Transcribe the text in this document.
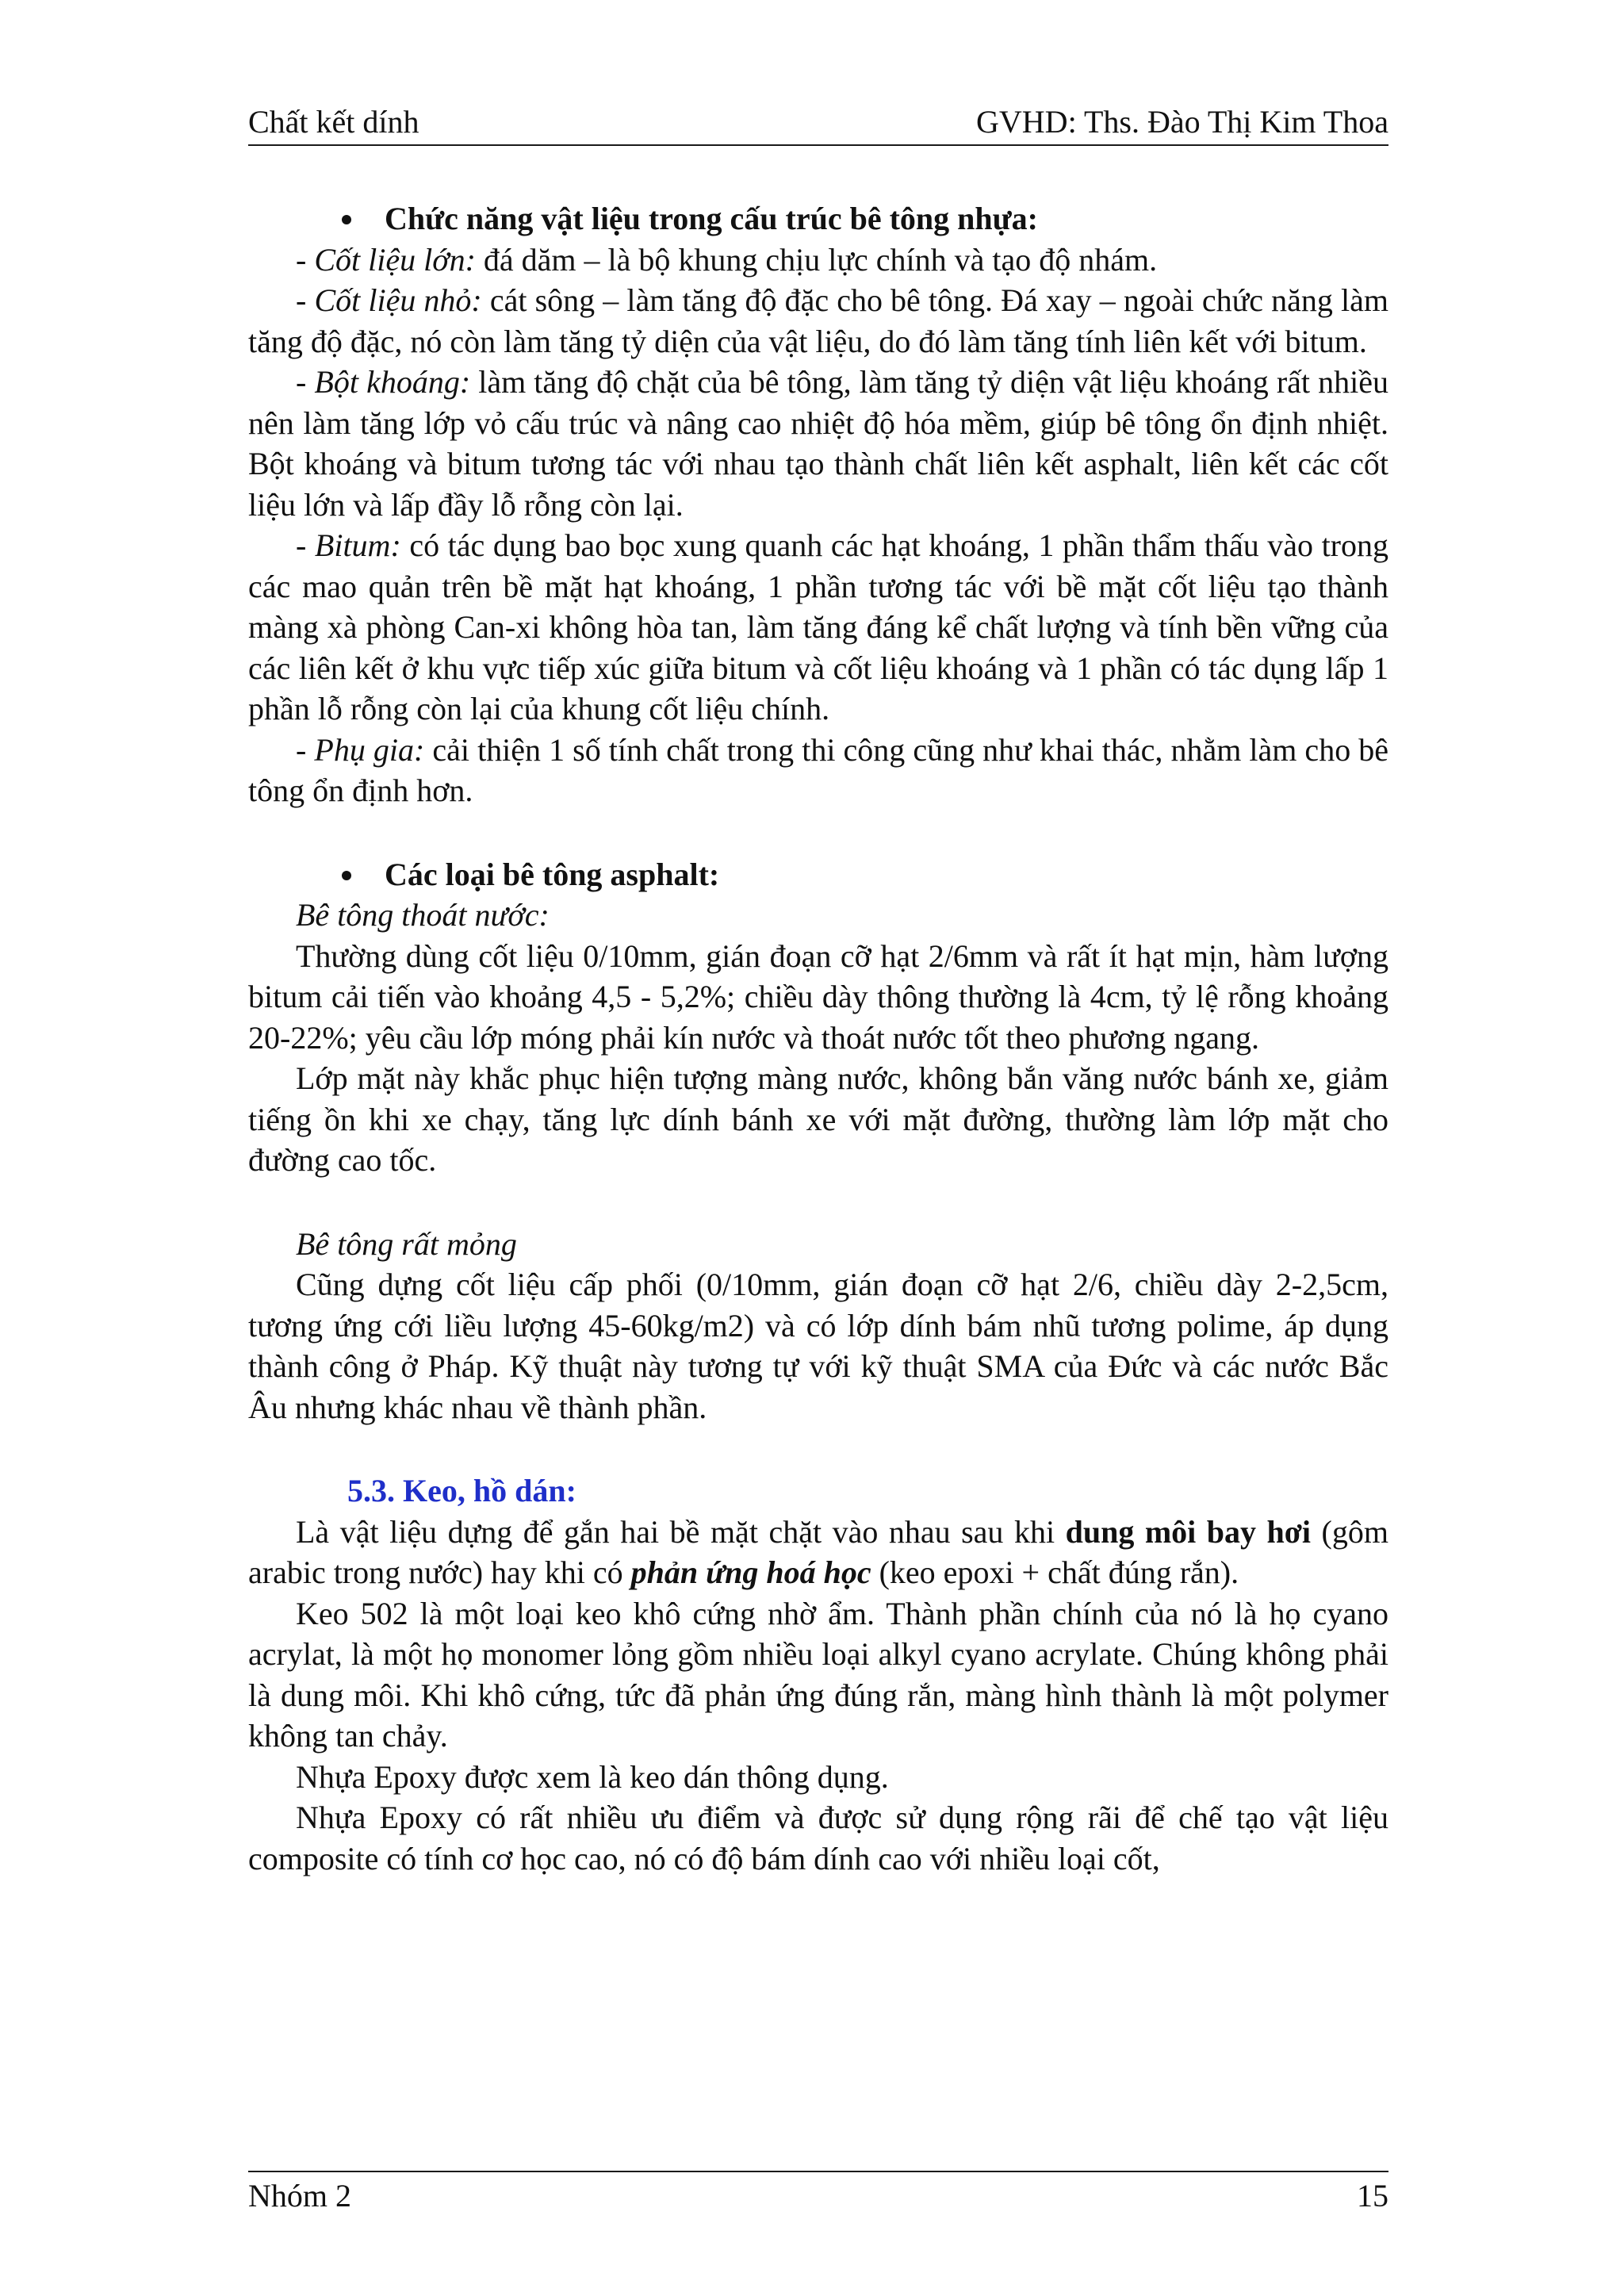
Chất kết dính	GVHD: Ths. Đào Thị Kim Thoa

Chức năng vật liệu trong cấu trúc bê tông nhựa:

- Cốt liệu lớn: đá dăm – là bộ khung chịu lực chính và tạo độ nhám.

- Cốt liệu nhỏ: cát sông – làm tăng độ đặc cho bê tông. Đá xay – ngoài chức năng làm tăng độ đặc, nó còn làm tăng tỷ diện của vật liệu, do đó làm tăng tính liên kết với bitum.

- Bột khoáng: làm tăng độ chặt của bê tông, làm tăng tỷ diện vật liệu khoáng rất nhiều nên làm tăng lớp vỏ cấu trúc và nâng cao nhiệt độ hóa mềm, giúp bê tông ổn định nhiệt. Bột khoáng và bitum tương tác với nhau tạo thành chất liên kết asphalt, liên kết các cốt liệu lớn và lấp đầy lỗ rỗng còn lại.

- Bitum: có tác dụng bao bọc xung quanh các hạt khoáng, 1 phần thẩm thấu vào trong các mao quản trên bề mặt hạt khoáng, 1 phần tương tác với bề mặt cốt liệu tạo thành màng xà phòng Can-xi không hòa tan, làm tăng đáng kể chất lượng và tính bền vững của các liên kết ở khu vực tiếp xúc giữa bitum và cốt liệu khoáng và 1 phần có tác dụng lấp 1 phần lỗ rỗng còn lại của khung cốt liệu chính.

- Phụ gia: cải thiện 1 số tính chất trong thi công cũng như khai thác, nhằm làm cho bê tông ổn định hơn.

Các loại bê tông asphalt:

Bê tông thoát nước:

Thường dùng cốt liệu 0/10mm, gián đoạn cỡ hạt 2/6mm và rất ít hạt mịn, hàm lượng bitum cải tiến vào khoảng 4,5 - 5,2%; chiều dày thông thường là 4cm, tỷ lệ rỗng khoảng 20-22%; yêu cầu lớp móng phải kín nước và thoát nước tốt theo phương ngang.

Lớp mặt này khắc phục hiện tượng màng nước, không bắn văng nước bánh xe, giảm tiếng ồn khi xe chạy, tăng lực dính bánh xe với mặt đường, thường làm lớp mặt cho đường cao tốc.

Bê tông rất mỏng

Cũng dựng cốt liệu cấp phối (0/10mm, gián đoạn cỡ hạt 2/6, chiều dày 2-2,5cm, tương ứng cới liều lượng 45-60kg/m2) và có lớp dính bám nhũ tương polime, áp dụng thành công ở Pháp. Kỹ thuật này tương tự với kỹ thuật SMA của Đức và các nước Bắc Âu nhưng khác nhau về thành phần.

5.3. Keo, hồ dán:

Là vật liệu dựng để gắn hai bề mặt chặt vào nhau sau khi dung môi bay hơi (gôm arabic trong nước) hay khi có phản ứng hoá học (keo epoxi + chất đúng rắn).

Keo 502 là một loại keo khô cứng nhờ ẩm. Thành phần chính của nó là họ cyano acrylat, là một họ monomer lỏng gồm nhiều loại alkyl cyano acrylate. Chúng không phải là dung môi. Khi khô cứng, tức đã phản ứng đúng rắn, màng hình thành là một polymer không tan chảy.

Nhựa Epoxy được xem là keo dán thông dụng.

Nhựa Epoxy có rất nhiều ưu điểm và được sử dụng rộng rãi để chế tạo vật liệu composite có tính cơ học cao, nó có độ bám dính cao với nhiều loại cốt,

Nhóm 2	15
